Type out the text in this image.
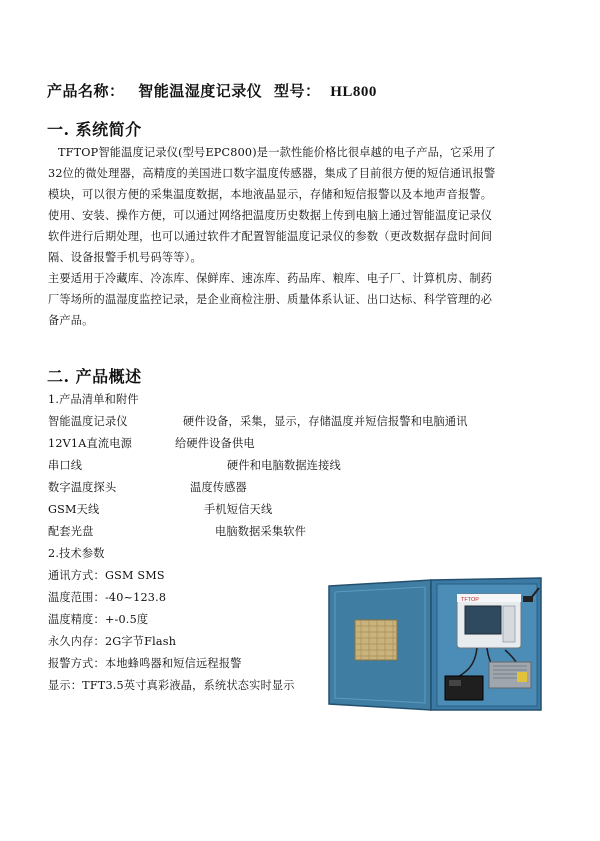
产品名称： 智能温湿度记录仪 型号： HL800
一. 系统简介

TFTOP智能温度记录仪(型号EPC800)是一款性能价格比很卓越的电子产品，它采用了32位的微处理器，高精度的美国进口数字温度传感器，集成了目前很方便的短信通讯报警模块，可以很方便的采集温度数据，本地液晶显示，存储和短信报警以及本地声音报警。使用、安装、操作方便，可以通过网络把温度历史数据上传到电脑上通过智能温度记录仪软件进行后期处理，也可以通过软件才配置智能温度记录仪的参数（更改数据存盘时间间隔、设备报警手机号码等等）。

主要适用于冷藏库、冷冻库、保鲜库、速冻库、药品库、粮库、电子厂、计算机房、制药厂等场所的温湿度监控记录，是企业商检注册、质量体系认证、出口达标、科学管理的必备产品。

二. 产品概述
1.产品清单和附件
智能温度记录仪	硬件设备，采集，显示，存储温度并短信报警和电脑通讯
12V1A直流电源	给硬件设备供电
串口线	硬件和电脑数据连接线
数字温度探头	温度传感器
GSM天线	手机短信天线
配套光盘	电脑数据采集软件
2.技术参数
通讯方式：GSM SMS
温度范围：-40~123.8
温度精度：+-0.5度
永久内存：2G字节Flash
报警方式：本地蜂鸣器和短信远程报警
显示：TFT3.5英寸真彩液晶，系统状态实时显示
TFTOP
